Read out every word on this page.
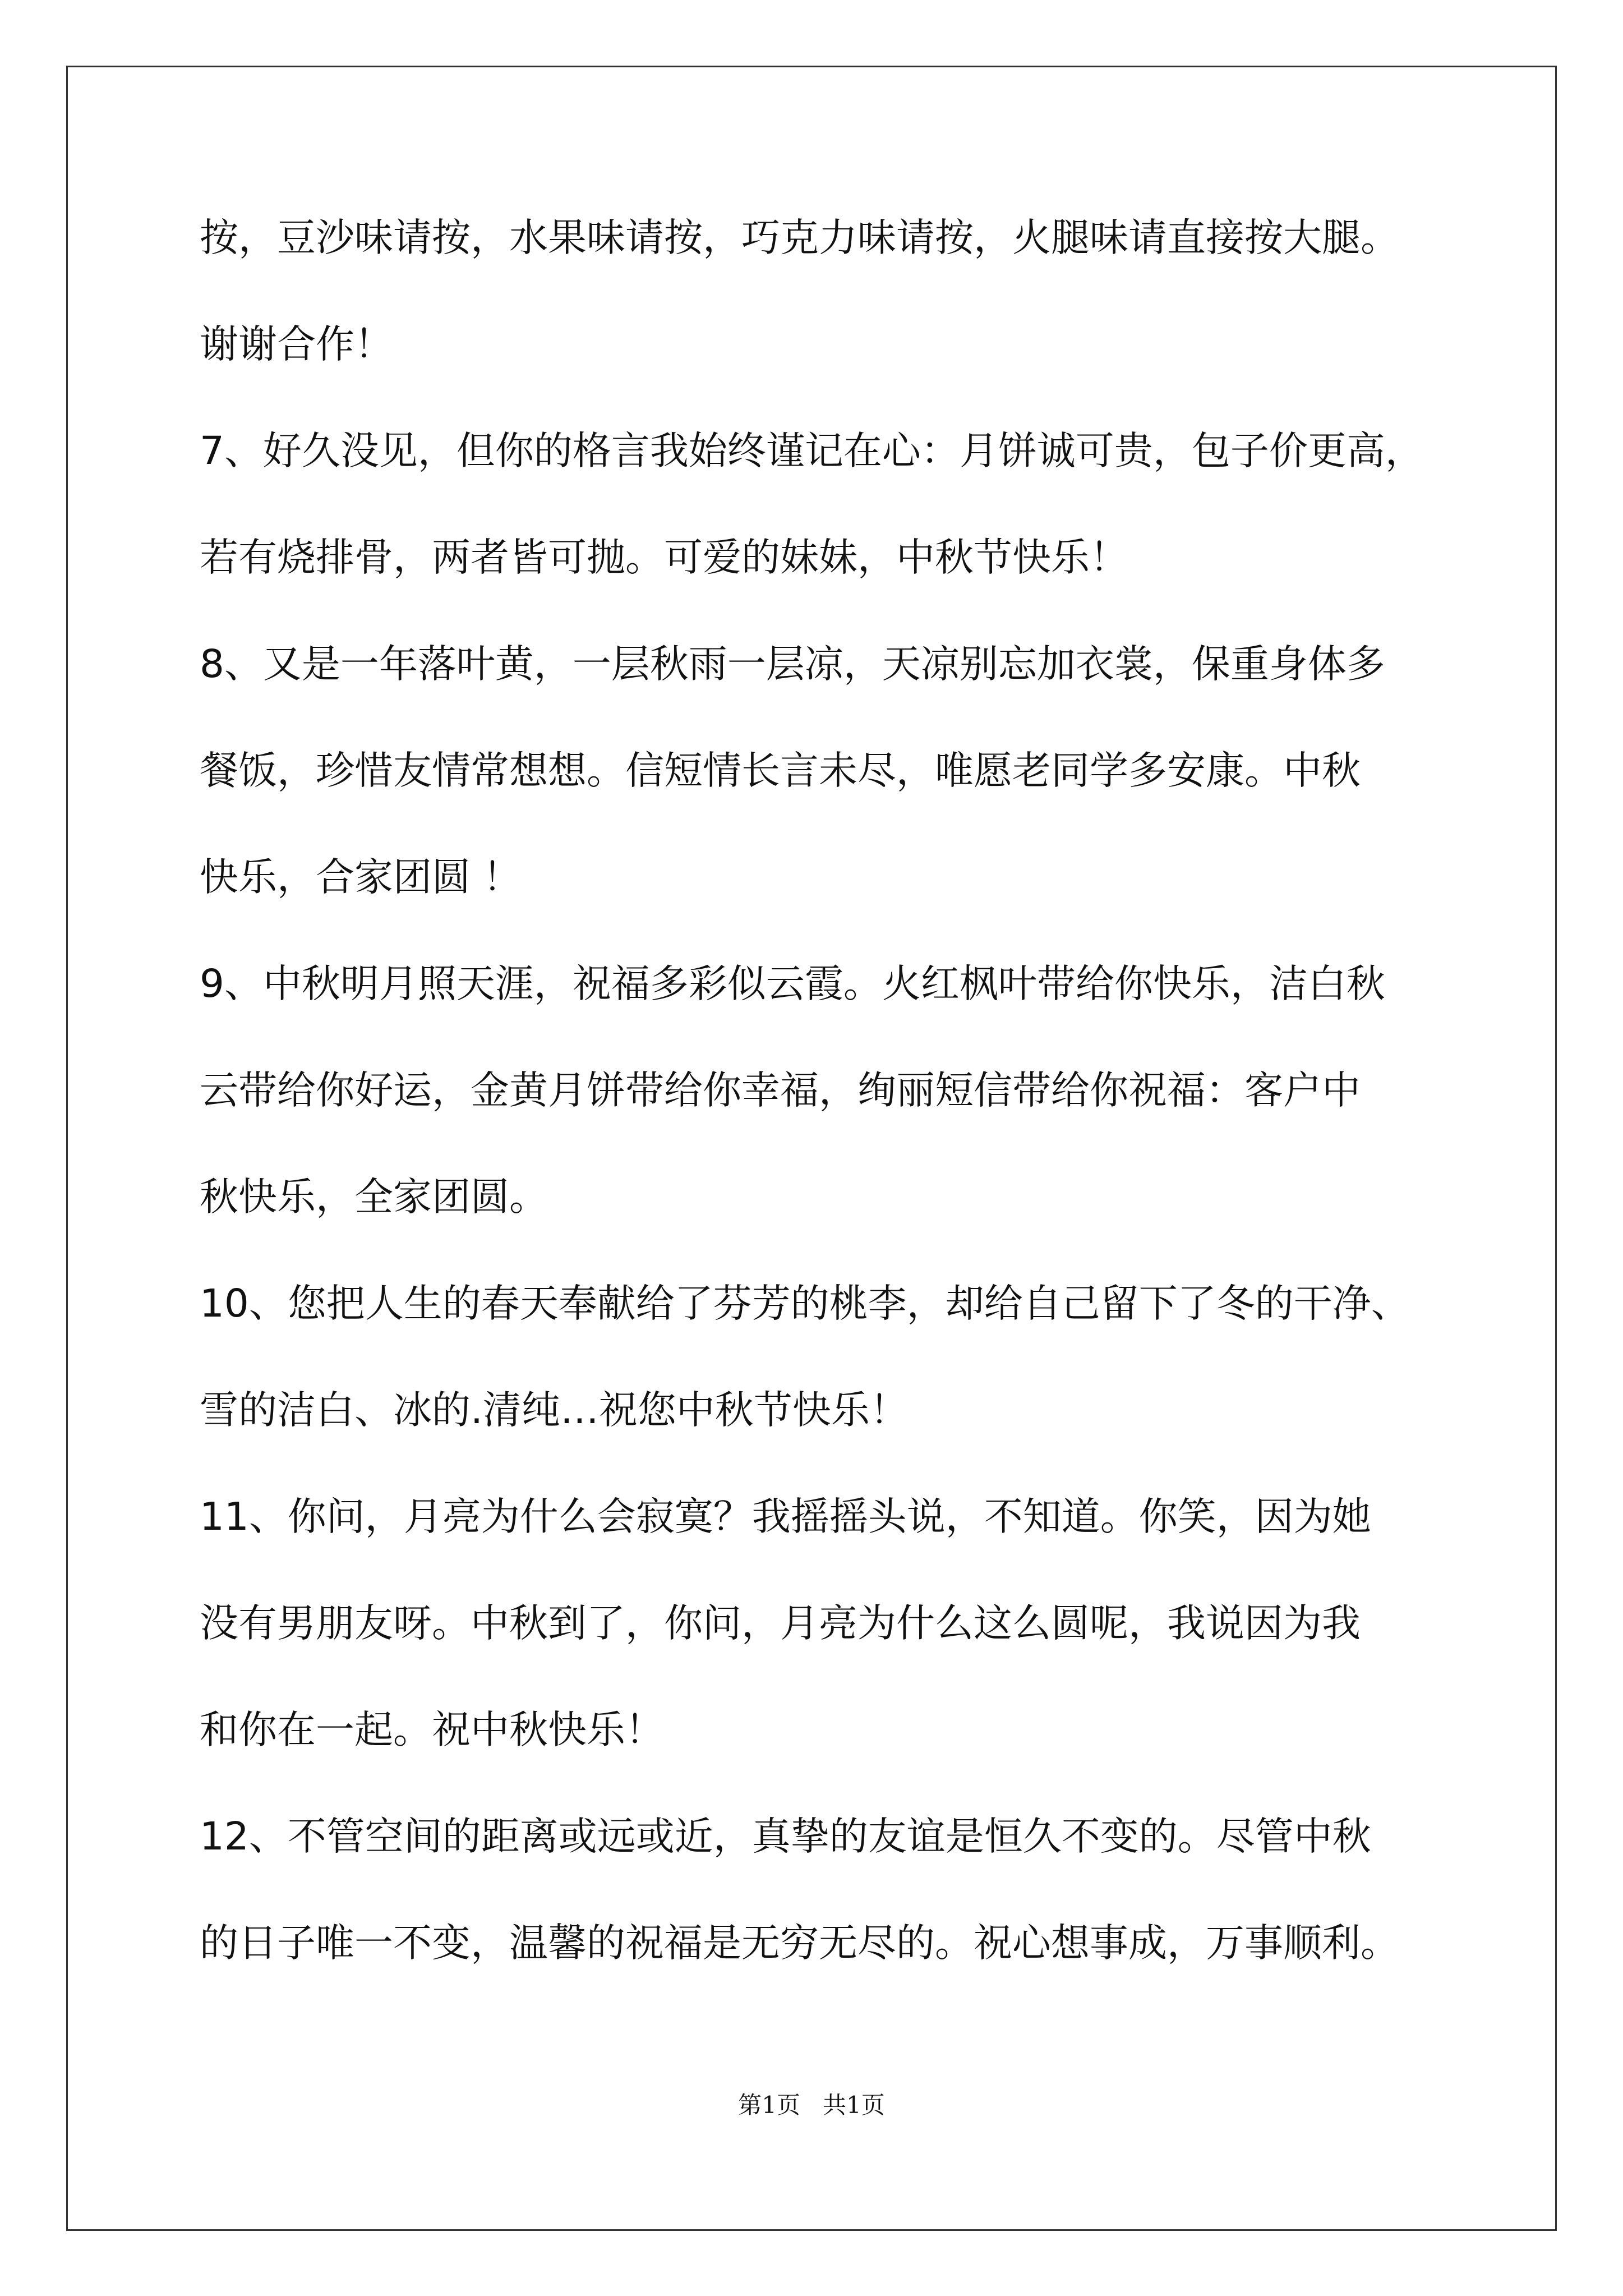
按，豆沙味请按，水果味请按，巧克力味请按，火腿味请直接按大腿。
谢谢合作！
7、好久没见，但你的格言我始终谨记在心：月饼诚可贵，包子价更高，
若有烧排骨，两者皆可抛。可爱的妹妹，中秋节快乐！
8、又是一年落叶黄，一层秋雨一层凉，天凉别忘加衣裳，保重身体多
餐饭，珍惜友情常想想。信短情长言未尽，唯愿老同学多安康。中秋
快乐，合家团圆 ！
9、中秋明月照天涯，祝福多彩似云霞。火红枫叶带给你快乐，洁白秋
云带给你好运，金黄月饼带给你幸福，绚丽短信带给你祝福：客户中
秋快乐，全家团圆。
10、您把人生的春天奉献给了芬芳的桃李，却给自己留下了冬的干净、
雪的洁白、冰的.清纯…祝您中秋节快乐！
11、你问，月亮为什么会寂寞？我摇摇头说，不知道。你笑，因为她
没有男朋友呀。中秋到了，你问，月亮为什么这么圆呢，我说因为我
和你在一起。祝中秋快乐！
12、不管空间的距离或远或近，真挚的友谊是恒久不变的。尽管中秋
的日子唯一不变，温馨的祝福是无穷无尽的。祝心想事成，万事顺利。
第1页   共1页
